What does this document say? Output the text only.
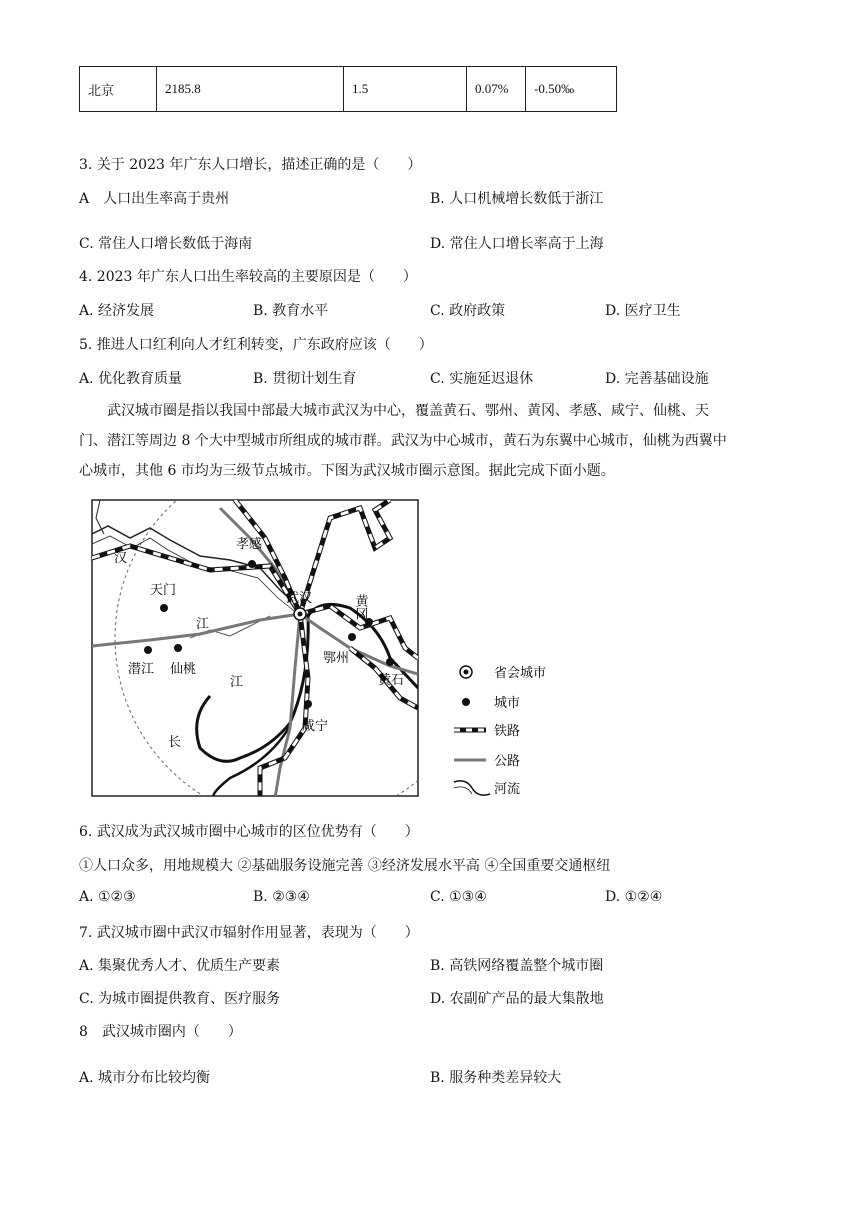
北京	2185.8	1.5	0.07%	-0.50‰
3. 关于 2023 年广东人口增长，描述正确的是（　　）
A　人口出生率高于贵州	B. 人口机械增长数低于浙江
C. 常住人口增长数低于海南	D. 常住人口增长率高于上海
4. 2023 年广东人口出生率较高的主要原因是（　　）
A. 经济发展	B. 教育水平	C. 政府政策	D. 医疗卫生
5. 推进人口红利向人才红利转变，广东政府应该（　　）
A. 优化教育质量	B. 贯彻计划生育	C. 实施延迟退休	D. 完善基础设施
武汉城市圈是指以我国中部最大城市武汉为中心，覆盖黄石、鄂州、黄冈、孝感、咸宁、仙桃、天
门、潜江等周边 8 个大中型城市所组成的城市群。武汉为中心城市，黄石为东翼中心城市，仙桃为西翼中
心城市，其他 6 市均为三级节点城市。下图为武汉城市圈示意图。据此完成下面小题。
孝感
天门
武汉	黄冈
鄂州
黄石
潜江 仙桃
咸宁
汉
江
江
长
省会城市
城市
铁路
公路
河流
6. 武汉成为武汉城市圈中心城市的区位优势有（　　）
①人口众多，用地规模大 ②基础服务设施完善 ③经济发展水平高 ④全国重要交通枢纽
A. ①②③	B. ②③④	C. ①③④	D. ①②④
7. 武汉城市圈中武汉市辐射作用显著，表现为（　　）
A. 集聚优秀人才、优质生产要素	B. 高铁网络覆盖整个城市圈
C. 为城市圈提供教育、医疗服务	D. 农副矿产品的最大集散地
8　武汉城市圈内（　　）
A. 城市分布比较均衡	B. 服务种类差异较大
